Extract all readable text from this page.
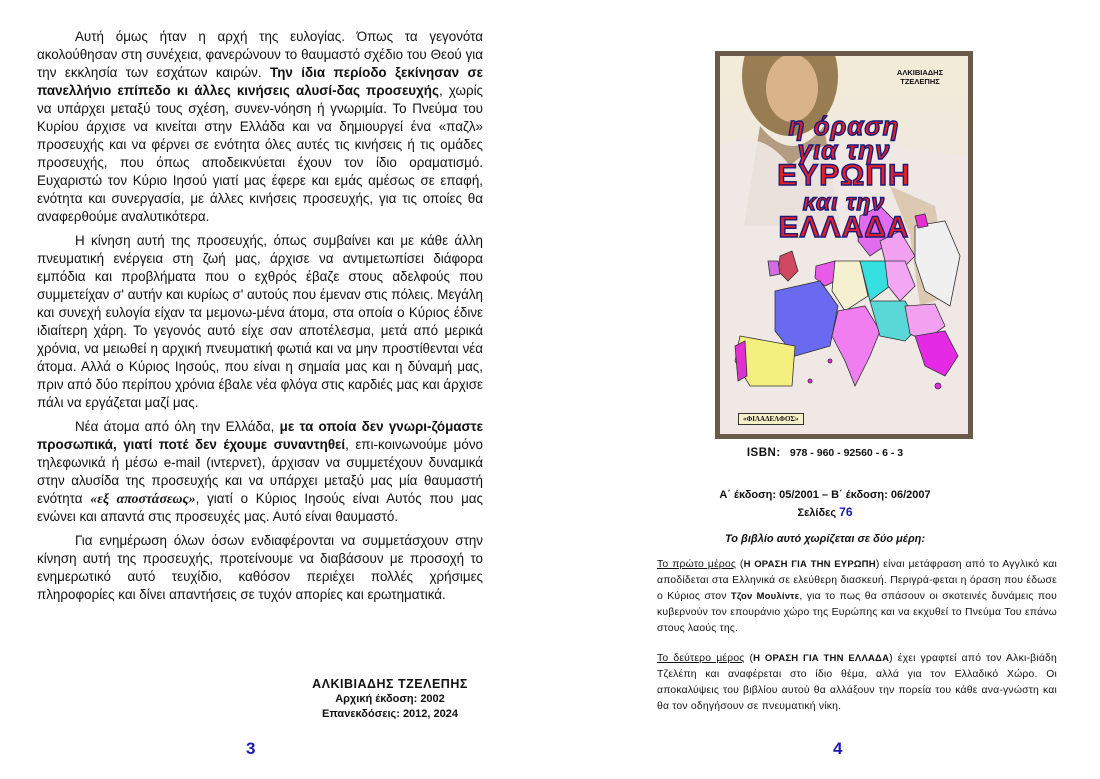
Αυτή όμως ήταν η αρχή της ευλογίας. Όπως τα γεγονότα ακολούθησαν στη συνέχεια, φανερώνουν το θαυμαστό σχέδιο του Θεού για την εκκλησία των εσχάτων καιρών. Την ίδια περίοδο ξεκίνησαν σε πανελλήνιο επίπεδο κι άλλες κινήσεις αλυσί-δας προσευχής, χωρίς να υπάρχει μεταξύ τους σχέση, συνεν-νόηση ή γνωριμία. Το Πνεύμα του Κυρίου άρχισε να κινείται στην Ελλάδα και να δημιουργεί ένα «παζλ» προσευχής και να φέρνει σε ενότητα όλες αυτές τις κινήσεις ή τις ομάδες προσευχής, που όπως αποδεικνύεται έχουν τον ίδιο οραματισμό. Ευχαριστώ τον Κύριο Ιησού γιατί μας έφερε και εμάς αμέσως σε επαφή, ενότητα και συνεργασία, με άλλες κινήσεις προσευχής, για τις οποίες θα αναφερθούμε αναλυτικότερα.

Η κίνηση αυτή της προσευχής, όπως συμβαίνει και με κάθε άλλη πνευματική ενέργεια στη ζωή μας, άρχισε να αντιμετωπίσει διάφορα εμπόδια και προβλήματα που ο εχθρός έβαζε στους αδελφούς που συμμετείχαν σ' αυτήν και κυρίως σ' αυτούς που έμεναν στις πόλεις. Μεγάλη και συνεχή ευλογία είχαν τα μεμονω-μένα άτομα, στα οποία ο Κύριος έδινε ιδιαίτερη χάρη. Το γεγονός αυτό είχε σαν αποτέλεσμα, μετά από μερικά χρόνια, να μειωθεί η αρχική πνευματική φωτιά και να μην προστίθενται νέα άτομα. Αλλά ο Κύριος Ιησούς, που είναι η σημαία μας και η δύναμή μας, πριν από δύο περίπου χρόνια έβαλε νέα φλόγα στις καρδιές μας και άρχισε πάλι να εργάζεται μαζί μας.

Νέα άτομα από όλη την Ελλάδα, με τα οποία δεν γνωρι-ζόμαστε προσωπικά, γιατί ποτέ δεν έχουμε συναντηθεί, επι-κοινωνούμε μόνο τηλεφωνικά ή μέσω e-mail (ιντερνετ), άρχισαν να συμμετέχουν δυναμικά στην αλυσίδα της προσευχής και να υπάρχει μεταξύ μας μία θαυμαστή ενότητα «εξ αποστάσεως», γιατί ο Κύριος Ιησούς είναι Αυτός που μας ενώνει και απαντά στις προσευχές μας. Αυτό είναι θαυμαστό.

Για ενημέρωση όλων όσων ενδιαφέρονται να συμμετάσχουν στην κίνηση αυτή της προσευχής, προτείνουμε να διαβάσουν με προσοχή το ενημερωτικό αυτό τευχίδιο, καθόσον περιέχει πολλές χρήσιμες πληροφορίες και δίνει απαντήσεις σε τυχόν απορίες και ερωτηματικά.

ΑΛΚΙΒΙΑΔΗΣ ΤΖΕΛΕΠΗΣ
Αρχική έκδοση: 2002
Επανεκδόσεις: 2012, 2024
3
ΑΛΚΙΒΙΑΔΗΣ
ΤΖΕΛΕΠΗΣ
η όραση
για την
ΕΥΡΩΠΗ
και την
ΕΛΛΑΔΑ
«ΦΙΛΑΔΕΛΦΟΣ»
ISBN: 978 - 960 - 92560 - 6 - 3
Α΄ έκδοση: 05/2001 – Β΄ έκδοση: 06/2007
Σελίδες 76
Το βιβλίο αυτό χωρίζεται σε δύο μέρη:
Το πρώτο μέρος (Η ΟΡΑΣΗ ΓΙΑ ΤΗΝ ΕΥΡΩΠΗ) είναι μετάφραση από το Αγγλικό και αποδίδεται στα Ελληνικά σε ελεύθερη διασκευή. Περιγρά-φεται η όραση που έδωσε ο Κύριος στον Τζον Μουλίντε, για το πως θα σπάσουν οι σκοτεινές δυνάμεις που κυβερνούν τον επουράνιο χώρο της Ευρώπης και να εκχυθεί το Πνεύμα Του επάνω στους λαούς της.
Το δεύτερο μέρος (Η ΟΡΑΣΗ ΓΙΑ ΤΗΝ ΕΛΛΑΔΑ) έχει γραφτεί από τον Αλκι-βιάδη Τζελέπη και αναφέρεται στο ίδιο θέμα, αλλά για τον Ελλαδικό Χώρο. Οι αποκαλύψεις του βιβλίου αυτού θα αλλάξουν την πορεία του κάθε ανα-γνώστη και θα τον οδηγήσουν σε πνευματική νίκη.
4
